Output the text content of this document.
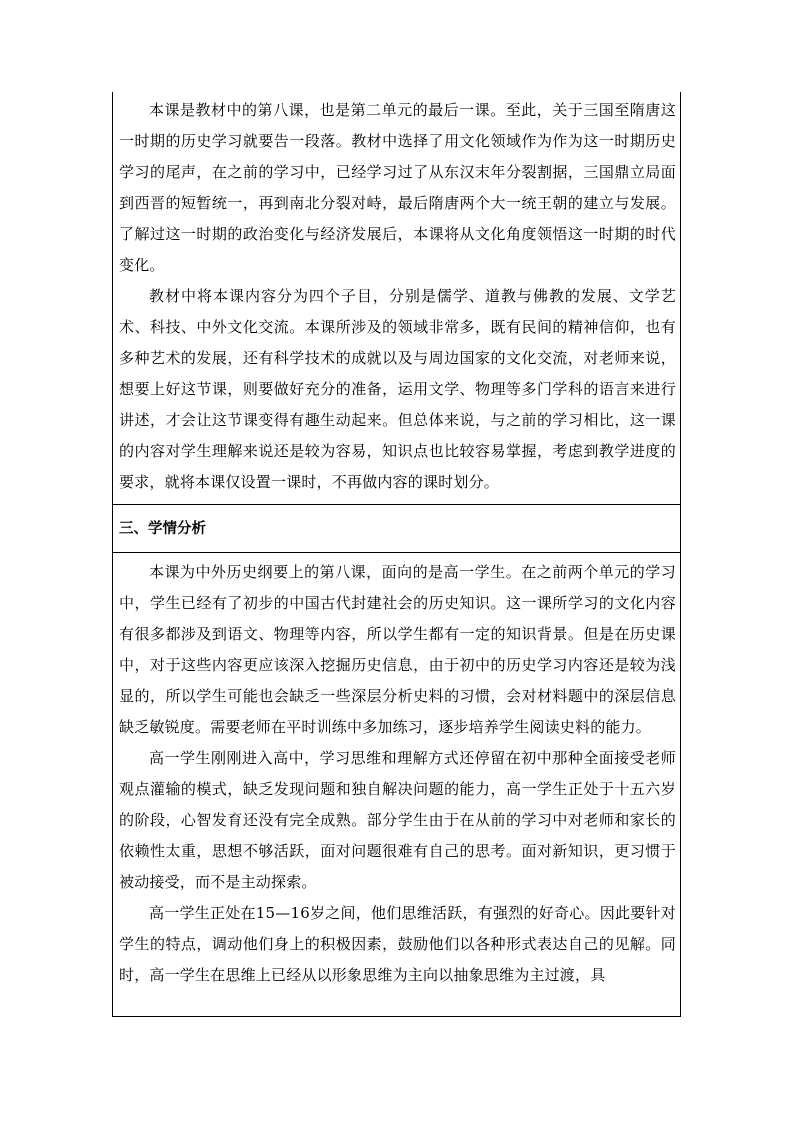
本课是教材中的第八课，也是第二单元的最后一课。至此，关于三国至隋唐这一时期的历史学习就要告一段落。教材中选择了用文化领域作为作为这一时期历史学习的尾声，在之前的学习中，已经学习过了从东汉末年分裂割据，三国鼎立局面到西晋的短暂统一，再到南北分裂对峙，最后隋唐两个大一统王朝的建立与发展。了解过这一时期的政治变化与经济发展后，本课将从文化角度领悟这一时期的时代变化。

教材中将本课内容分为四个子目，分别是儒学、道教与佛教的发展、文学艺术、科技、中外文化交流。本课所涉及的领域非常多，既有民间的精神信仰，也有多种艺术的发展，还有科学技术的成就以及与周边国家的文化交流，对老师来说，想要上好这节课，则要做好充分的准备，运用文学、物理等多门学科的语言来进行讲述，才会让这节课变得有趣生动起来。但总体来说，与之前的学习相比，这一课的内容对学生理解来说还是较为容易，知识点也比较容易掌握，考虑到教学进度的要求，就将本课仅设置一课时，不再做内容的课时划分。

三、学情分析

本课为中外历史纲要上的第八课，面向的是高一学生。在之前两个单元的学习中，学生已经有了初步的中国古代封建社会的历史知识。这一课所学习的文化内容有很多都涉及到语文、物理等内容，所以学生都有一定的知识背景。但是在历史课中，对于这些内容更应该深入挖掘历史信息，由于初中的历史学习内容还是较为浅显的，所以学生可能也会缺乏一些深层分析史料的习惯，会对材料题中的深层信息缺乏敏锐度。需要老师在平时训练中多加练习，逐步培养学生阅读史料的能力。

高一学生刚刚进入高中，学习思维和理解方式还停留在初中那种全面接受老师观点灌输的模式，缺乏发现问题和独自解决问题的能力，高一学生正处于十五六岁的阶段，心智发育还没有完全成熟。部分学生由于在从前的学习中对老师和家长的依赖性太重，思想不够活跃，面对问题很难有自己的思考。面对新知识，更习惯于被动接受，而不是主动探索。

高一学生正处在15—16岁之间，他们思维活跃，有强烈的好奇心。因此要针对学生的特点，调动他们身上的积极因素，鼓励他们以各种形式表达自己的见解。同时，高一学生在思维上已经从以形象思维为主向以抽象思维为主过渡，具
